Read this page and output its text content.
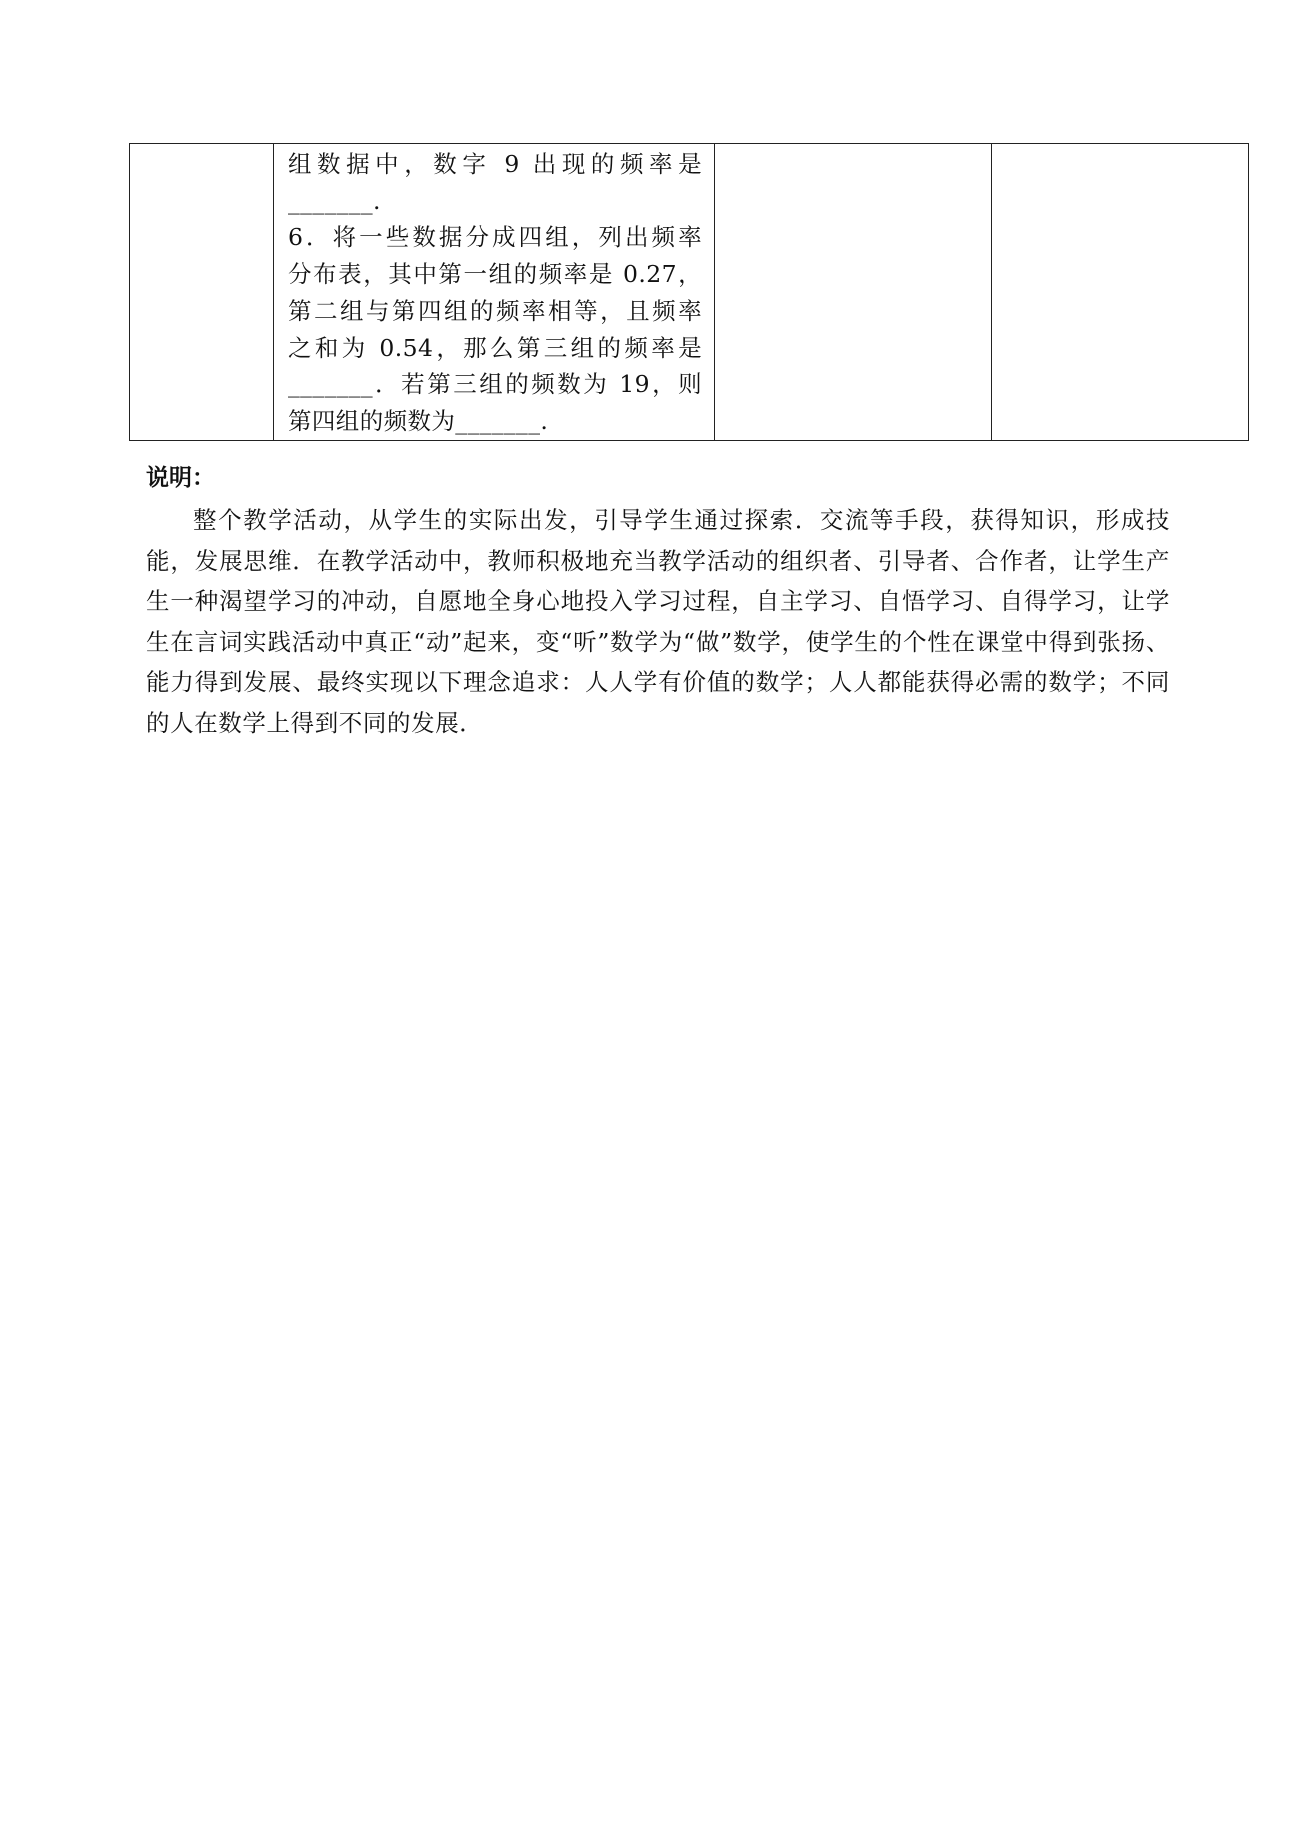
组数据中，数字 9 出现的频率是
_______.
6．将一些数据分成四组，列出频率
分布表，其中第一组的频率是 0.27，
第二组与第四组的频率相等，且频率
之和为 0.54，那么第三组的频率是
_______．若第三组的频数为 19，则
第四组的频数为_______.

说明：

整个教学活动，从学生的实际出发，引导学生通过探索．交流等手段，获得知识，形成技能，发展思维．在教学活动中，教师积极地充当教学活动的组织者、引导者、合作者，让学生产生一种渴望学习的冲动，自愿地全身心地投入学习过程，自主学习、自悟学习、自得学习，让学生在言词实践活动中真正“动”起来，变“听”数学为“做”数学，使学生的个性在课堂中得到张扬、能力得到发展、最终实现以下理念追求：人人学有价值的数学；人人都能获得必需的数学；不同的人在数学上得到不同的发展．
